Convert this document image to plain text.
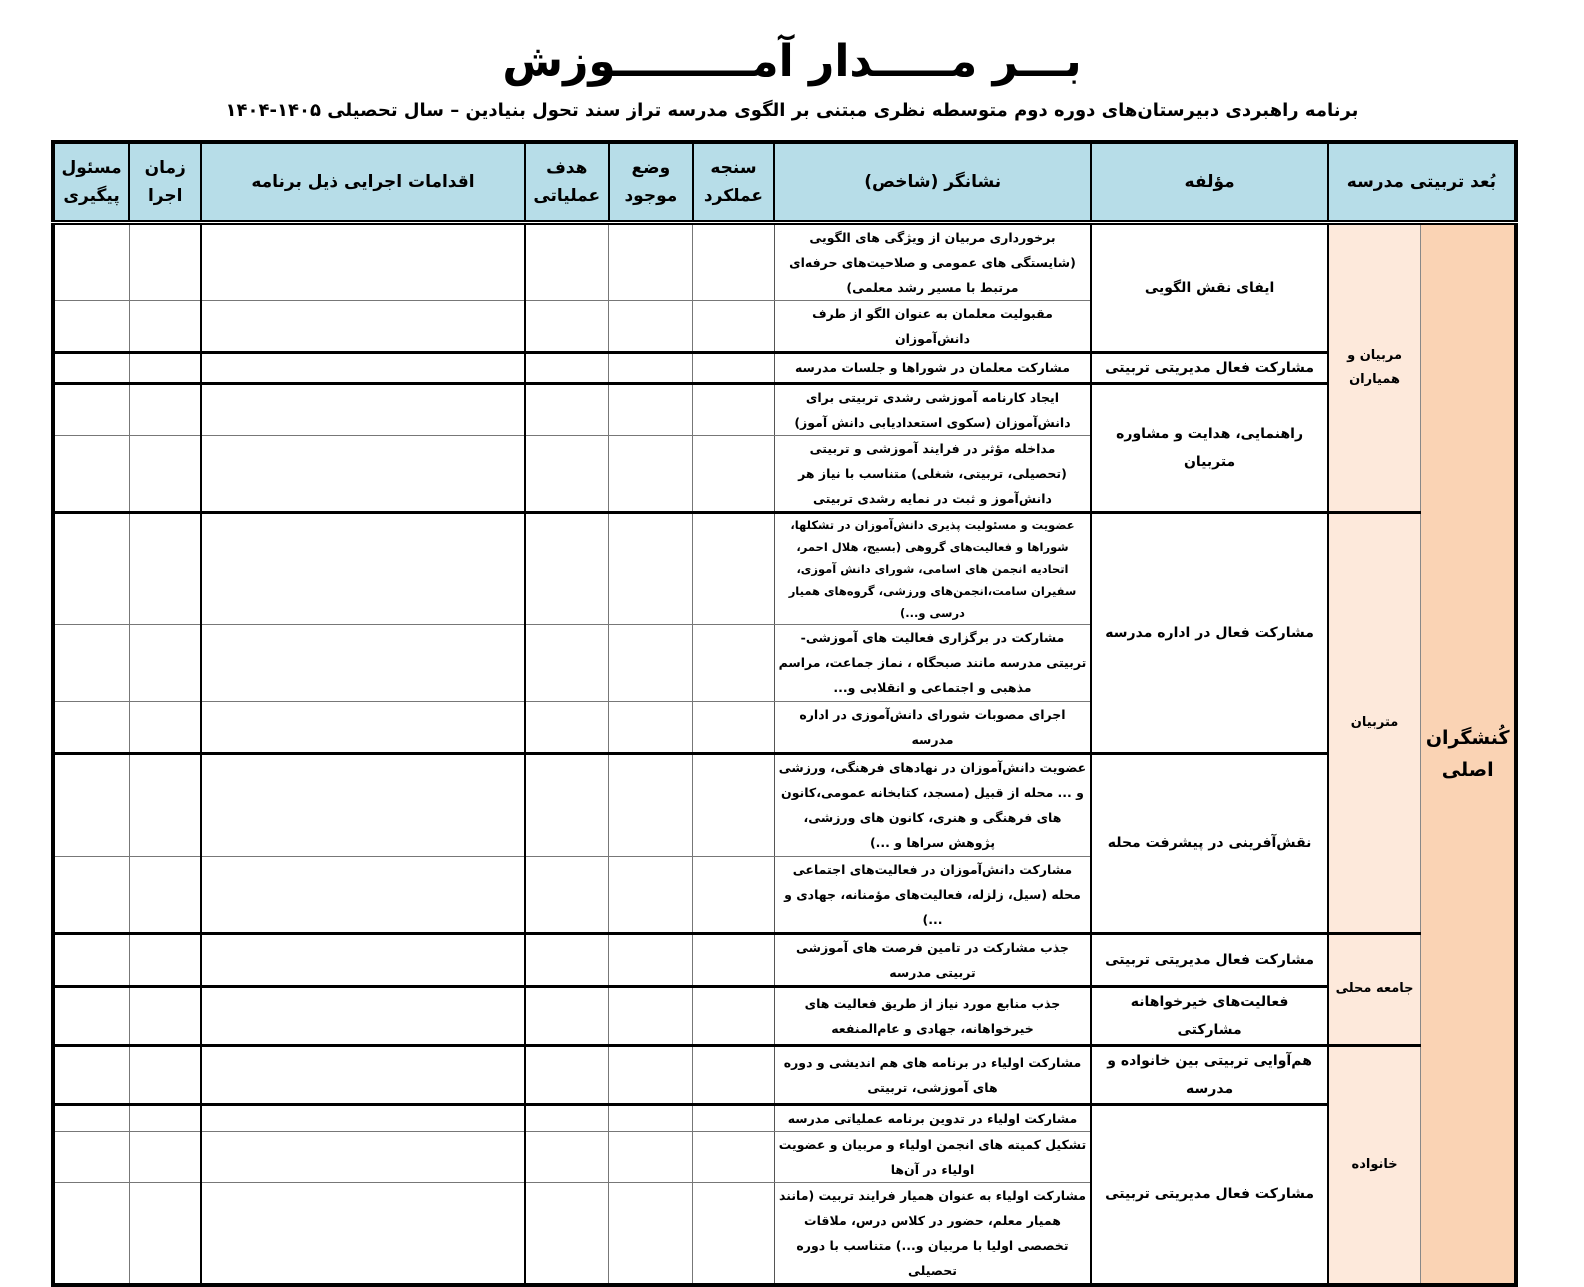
بـــر مـــــدار آمـــــــــوزش
برنامه راهبردی دبیرستان‌های دوره دوم متوسطه نظری مبتنی بر الگوی مدرسه تراز سند تحول بنیادین – سال تحصیلی ۱۴۰۵-۱۴۰۴
بُعد تربیتی مدرسه		مؤلفه	نشانگر (شاخص)	سنجه عملکرد	وضع موجود	هدف عملیاتی	اقدامات اجرایی ذیل برنامه	زمان اجرا	مسئول پیگیری
کُنشگران اصلی	مربیان و همیاران	ایفای نقش الگویی	برخورداری مربیان از ویژگی های الگویی (شایستگی های عمومی و صلاحیت‌های حرفه‌ای مرتبط با مسیر رشد معلمی)						
			مقبولیت معلمان به عنوان الگو از طرف دانش‌آموزان						
		مشارکت فعال مدیریتی تربیتی	مشارکت معلمان در شوراها و جلسات مدرسه						
		راهنمایی، هدایت و مشاوره متربیان	ایجاد کارنامه آموزشی رشدی تربیتی برای دانش‌آموزان (سکوی استعدادیابی دانش آموز)						
			مداخله مؤثر در فرایند آموزشی و تربیتی (تحصیلی، تربیتی، شغلی) متناسب با نیاز هر دانش‌آموز و ثبت در نمایه رشدی تربیتی						
	متربیان	مشارکت فعال در اداره مدرسه	عضویت و مسئولیت پذیری دانش‌آموزان در تشکلها، شوراها و فعالیت‌های گروهی (بسیج، هلال احمر، اتحادیه انجمن های اسامی، شورای دانش آموزی، سفیران سامت،انجمن‌های ورزشی، گروه‌های همیار درسی و...)						
			مشارکت در برگزاری فعالیت های آموزشی- تربیتی مدرسه مانند صبحگاه ، نماز جماعت، مراسم مذهبی و اجتماعی و انقلابی و...						
			اجرای مصوبات شورای دانش‌آموزی در اداره مدرسه						
		نقش‌آفرینی در پیشرفت محله	عضویت دانش‌آموزان در نهادهای فرهنگی، ورزشی و ... محله از قبیل (مسجد، کتابخانه عمومی،کانون های فرهنگی و هنری، کانون های ورزشی، پژوهش سراها و ...)						
			مشارکت دانش‌آموزان در فعالیت‌های اجتماعی محله (سیل، زلزله، فعالیت‌های مؤمنانه، جهادی و ...)						
	جامعه محلی	مشارکت فعال مدیریتی تربیتی	جذب مشارکت در تامین فرصت های آموزشی تربیتی مدرسه						
		فعالیت‌های خیرخواهانه مشارکتی	جذب منابع مورد نیاز از طریق فعالیت های خیرخواهانه، جهادی و عام‌المنفعه						
	خانواده	هم‌آوایی تربیتی بین خانواده و مدرسه	مشارکت اولیاء در برنامه های هم اندیشی و دوره های آموزشی، تربیتی						
		مشارکت فعال مدیریتی تربیتی	مشارکت اولیاء در تدوین برنامه عملیاتی مدرسه						
			تشکیل کمیته های انجمن اولیاء و مربیان و عضویت اولیاء در آن‌ها						
			مشارکت اولیاء به عنوان همیار فرایند تربیت (مانند همیار معلم، حضور در کلاس درس، ملاقات تخصصی اولیا با مربیان و...) متناسب با دوره تحصیلی						
